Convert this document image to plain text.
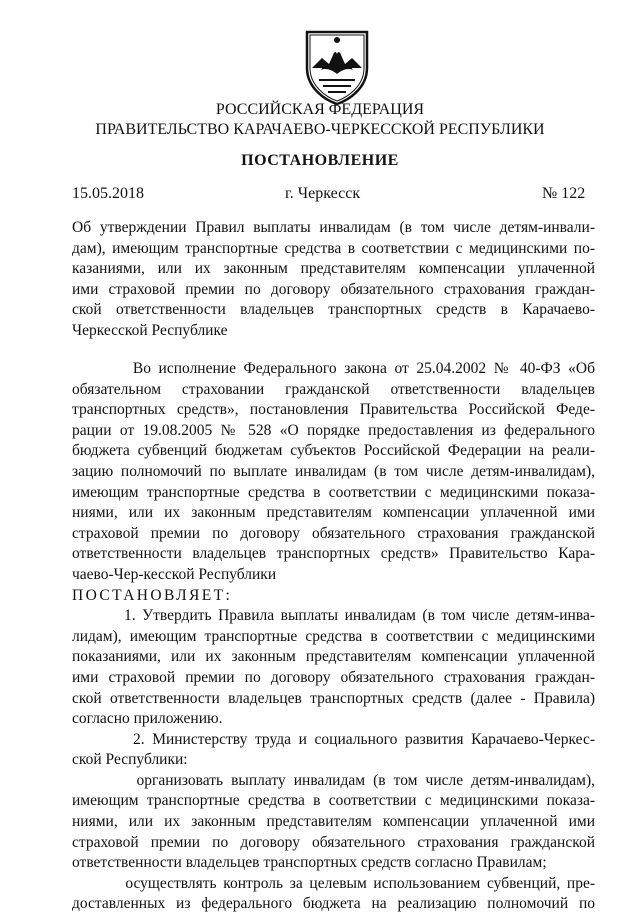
РОССИЙСКАЯ ФЕДЕРАЦИЯ
ПРАВИТЕЛЬСТВО КАРАЧАЕВО-ЧЕРКЕССКОЙ РЕСПУБЛИКИ
ПОСТАНОВЛЕНИЕ
15.05.2018	г. Черкесск	№ 122
Об утверждении Правил выплаты инвалидам (в том числе детям-инвали-
дам), имеющим транспортные средства в соответствии с медицинскими по-
казаниями, или их законным представителям компенсации уплаченной
ими страховой премии по договору обязательного страхования граждан-
ской ответственности владельцев транспортных средств в Карачаево-
Черкесской Республике
Во исполнение Федерального закона от 25.04.2002 № 40-ФЗ «Об
обязательном страховании гражданской ответственности владельцев
транспортных средств», постановления Правительства Российской Феде-
рации от 19.08.2005 № 528 «О порядке предоставления из федерального
бюджета субвенций бюджетам субъектов Российской Федерации на реали-
зацию полномочий по выплате инвалидам (в том числе детям-инвалидам),
имеющим транспортные средства в соответствии с медицинскими показа-
ниями, или их законным представителям компенсации уплаченной ими
страховой премии по договору обязательного страхования гражданской
ответственности владельцев транспортных средств» Правительство Кара-
чаево-Чер-кесской Республики
ПОСТАНОВЛЯЕТ:
1. Утвердить Правила выплаты инвалидам (в том числе детям-инва-
лидам), имеющим транспортные средства в соответствии с медицинскими
показаниями, или их законным представителям компенсации уплаченной
ими страховой премии по договору обязательного страхования граждан-
ской ответственности владельцев транспортных средств (далее - Правила)
согласно приложению.
2. Министерству труда и социального развития Карачаево-Черкес-
ской Республики:
организовать выплату инвалидам (в том числе детям-инвалидам),
имеющим транспортные средства в соответствии с медицинскими показа-
ниями, или их законным представителям компенсации уплаченной ими
страховой премии по договору обязательного страхования гражданской
ответственности владельцев транспортных средств согласно Правилам;
осуществлять контроль за целевым использованием субвенций, пре-
доставленных из федерального бюджета на реализацию полномочий по
